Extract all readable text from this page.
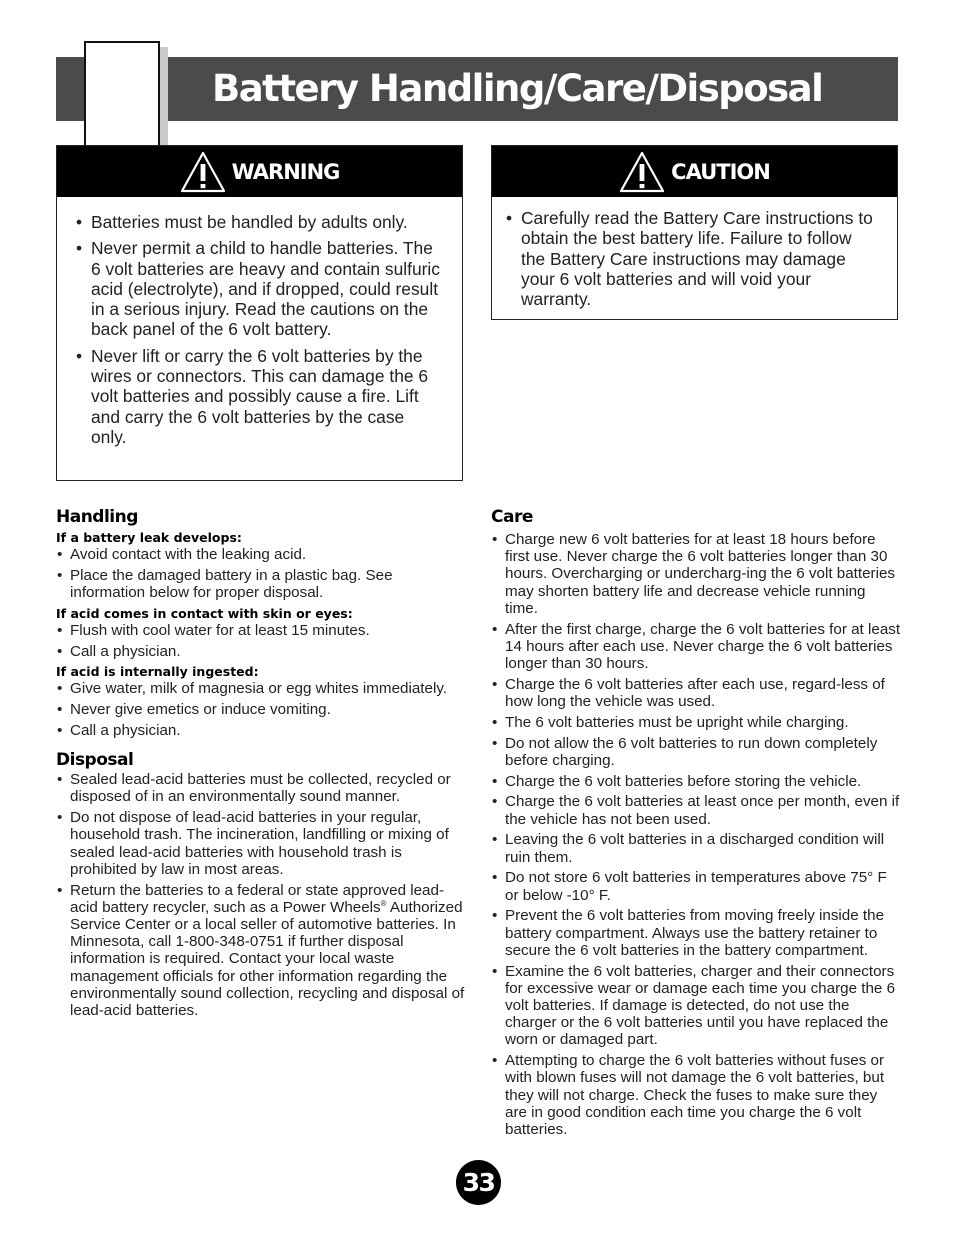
Battery Handling/Care/Disposal
WARNING
• Batteries must be handled by adults only.
• Never permit a child to handle batteries. The 6 volt batteries are heavy and contain sulfuric acid (electrolyte), and if dropped, could result in a serious injury. Read the cautions on the back panel of the 6 volt battery.
• Never lift or carry the 6 volt batteries by the wires or connectors. This can damage the 6 volt batteries and possibly cause a fire. Lift and carry the 6 volt batteries by the case only.
CAUTION
• Carefully read the Battery Care instructions to obtain the best battery life. Failure to follow the Battery Care instructions may damage your 6 volt batteries and will void your warranty.
Handling
If a battery leak develops:
• Avoid contact with the leaking acid.
• Place the damaged battery in a plastic bag. See information below for proper disposal.
If acid comes in contact with skin or eyes:
• Flush with cool water for at least 15 minutes.
• Call a physician.
If acid is internally ingested:
• Give water, milk of magnesia or egg whites immediately.
• Never give emetics or induce vomiting.
• Call a physician.
Disposal
• Sealed lead-acid batteries must be collected, recycled or disposed of in an environmentally sound manner.
• Do not dispose of lead-acid batteries in your regular, household trash. The incineration, landfilling or mixing of sealed lead-acid batteries with household trash is prohibited by law in most areas.
• Return the batteries to a federal or state approved lead-acid battery recycler, such as a Power Wheels® Authorized Service Center or a local seller of automotive batteries. In Minnesota, call 1-800-348-0751 if further disposal information is required. Contact your local waste management officials for other information regarding the environmentally sound collection, recycling and disposal of lead-acid batteries.
Care
• Charge new 6 volt batteries for at least 18 hours before first use. Never charge the 6 volt batteries longer than 30 hours. Overcharging or undercharg-ing the 6 volt batteries may shorten battery life and decrease vehicle running time.
• After the first charge, charge the 6 volt batteries for at least 14 hours after each use. Never charge the 6 volt batteries longer than 30 hours.
• Charge the 6 volt batteries after each use, regard-less of how long the vehicle was used.
• The 6 volt batteries must be upright while charging.
• Do not allow the 6 volt batteries to run down completely before charging.
• Charge the 6 volt batteries before storing the vehicle.
• Charge the 6 volt batteries at least once per month, even if the vehicle has not been used.
• Leaving the 6 volt batteries in a discharged condition will ruin them.
• Do not store 6 volt batteries in temperatures above 75° F or below -10° F.
• Prevent the 6 volt batteries from moving freely inside the battery compartment. Always use the battery retainer to secure the 6 volt batteries in the battery compartment.
• Examine the 6 volt batteries, charger and their connectors for excessive wear or damage each time you charge the 6 volt batteries. If damage is detected, do not use the charger or the 6 volt batteries until you have replaced the worn or damaged part.
• Attempting to charge the 6 volt batteries without fuses or with blown fuses will not damage the 6 volt batteries, but they will not charge. Check the fuses to make sure they are in good condition each time you charge the 6 volt batteries.
33
